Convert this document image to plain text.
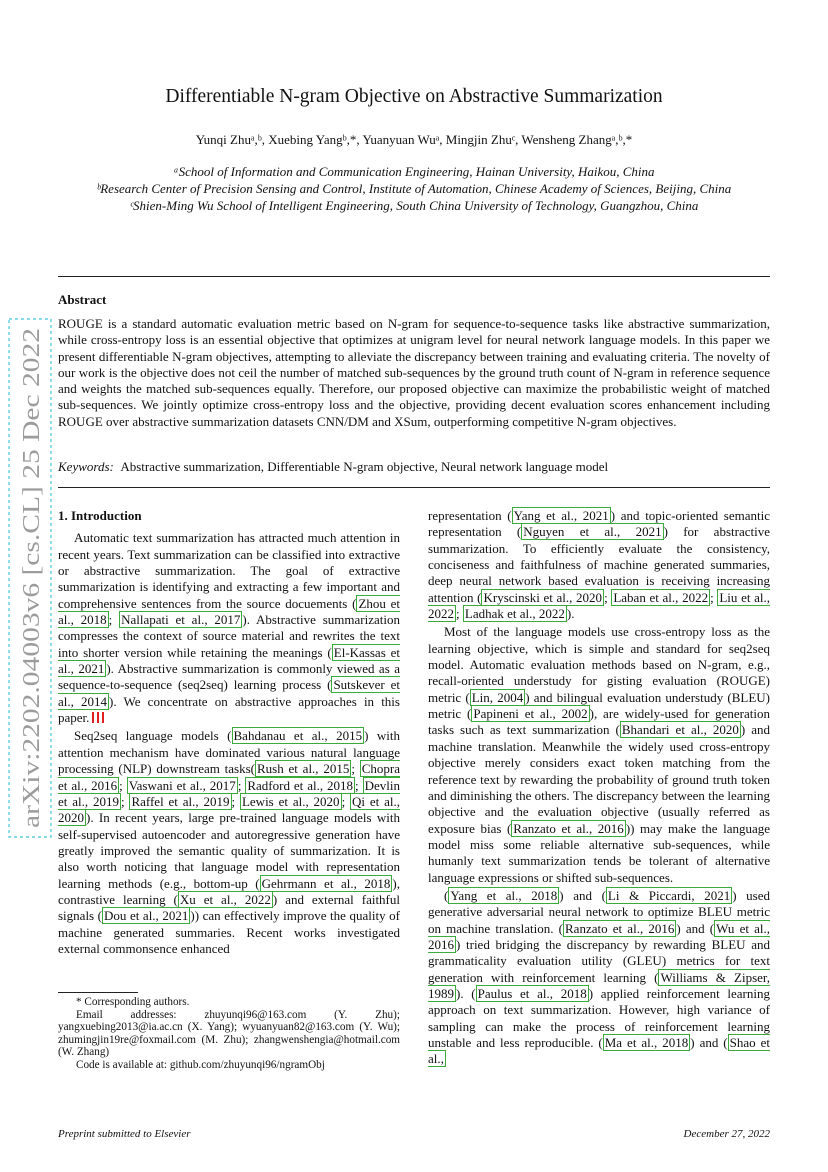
arXiv:2202.04003v6 [cs.CL] 25 Dec 2022
Differentiable N-gram Objective on Abstractive Summarization
Yunqi Zhuᵃ,ᵇ, Xuebing Yangᵇ,*, Yuanyuan Wuᵃ, Mingjin Zhuᶜ, Wensheng Zhangᵃ,ᵇ,*
ᵃSchool of Information and Communication Engineering, Hainan University, Haikou, China
ᵇResearch Center of Precision Sensing and Control, Institute of Automation, Chinese Academy of Sciences, Beijing, China
ᶜShien-Ming Wu School of Intelligent Engineering, South China University of Technology, Guangzhou, China
Abstract
ROUGE is a standard automatic evaluation metric based on N-gram for sequence-to-sequence tasks like abstractive summarization, while cross-entropy loss is an essential objective that optimizes at unigram level for neural network language models. In this paper we present differentiable N-gram objectives, attempting to alleviate the discrepancy between training and evaluating criteria. The novelty of our work is the objective does not ceil the number of matched sub-sequences by the ground truth count of N-gram in reference sequence and weights the matched sub-sequences equally. Therefore, our proposed objective can maximize the probabilistic weight of matched sub-sequences. We jointly optimize cross-entropy loss and the objective, providing decent evaluation scores enhancement including ROUGE over abstractive summarization datasets CNN/DM and XSum, outperforming competitive N-gram objectives.
Keywords: Abstractive summarization, Differentiable N-gram objective, Neural network language model
1. Introduction

Automatic text summarization has attracted much attention in recent years. Text summarization can be classified into extractive or abstractive summarization. The goal of extractive summarization is identifying and extracting a few important and comprehensive sentences from the source docuements ( Zhou et al., 2018 ; Nallapati et al., 2017 ). Abstractive summarization compresses the context of source material and rewrites the text into shorter version while retaining the meanings ( El-Kassas et al., 2021 ). Abstractive summarization is commonly viewed as a sequence-to-sequence (seq2seq) learning process ( Sutskever et al., 2014 ). We concentrate on abstractive approaches in this paper.

Seq2seq language models ( Bahdanau et al., 2015 ) with attention mechanism have dominated various natural language processing (NLP) downstream tasks( Rush et al., 2015 ; Chopra et al., 2016 ; Vaswani et al., 2017 ; Radford et al., 2018 ; Devlin et al., 2019 ; Raffel et al., 2019 ; Lewis et al., 2020 ; Qi et al., 2020 ). In recent years, large pre-trained language models with self-supervised autoencoder and autoregressive generation have greatly improved the semantic quality of summarization. It is also worth noticing that language model with representation learning methods (e.g., bottom-up ( Gehrmann et al., 2018 ), contrastive learning ( Xu et al., 2022 ) and external faithful signals ( Dou et al., 2021 )) can effectively improve the quality of machine generated summaries. Recent works investigated external commonsence enhanced

* Corresponding authors.
Email addresses: zhuyunqi96@163.com (Y. Zhu); yangxuebing2013@ia.ac.cn (X. Yang); wyuanyuan82@163.com (Y. Wu); zhumingjin19re@foxmail.com (M. Zhu); zhangwenshengia@hotmail.com (W. Zhang)
Code is available at: github.com/zhuyunqi96/ngramObj

representation ( Yang et al., 2021 ) and topic-oriented semantic representation ( Nguyen et al., 2021 ) for abstractive summarization. To efficiently evaluate the consistency, conciseness and faithfulness of machine generated summaries, deep neural network based evaluation is receiving increasing attention ( Kryscinski et al., 2020 ; Laban et al., 2022 ; Liu et al., 2022 ; Ladhak et al., 2022 ).

Most of the language models use cross-entropy loss as the learning objective, which is simple and standard for seq2seq model. Automatic evaluation methods based on N-gram, e.g., recall-oriented understudy for gisting evaluation (ROUGE) metric ( Lin, 2004 ) and bilingual evaluation understudy (BLEU) metric ( Papineni et al., 2002 ), are widely-used for generation tasks such as text summarization ( Bhandari et al., 2020 ) and machine translation. Meanwhile the widely used cross-entropy objective merely considers exact token matching from the reference text by rewarding the probability of ground truth token and diminishing the others. The discrepancy between the learning objective and the evaluation objective (usually referred as exposure bias ( Ranzato et al., 2016 )) may make the language model miss some reliable alternative sub-sequences, while humanly text summarization tends be tolerant of alternative language expressions or shifted sub-sequences.

( Yang et al., 2018 ) and ( Li & Piccardi, 2021 ) used generative adversarial neural network to optimize BLEU metric on machine translation. ( Ranzato et al., 2016 ) and ( Wu et al., 2016 ) tried bridging the discrepancy by rewarding BLEU and grammaticality evaluation utility (GLEU) metrics for text generation with reinforcement learning ( Williams & Zipser, 1989 ). ( Paulus et al., 2018 ) applied reinforcement learning approach on text summarization. However, high variance of sampling can make the process of reinforcement learning unstable and less reproducible. ( Ma et al., 2018 ) and ( Shao et al.,

Preprint submitted to Elsevier	December 27, 2022
